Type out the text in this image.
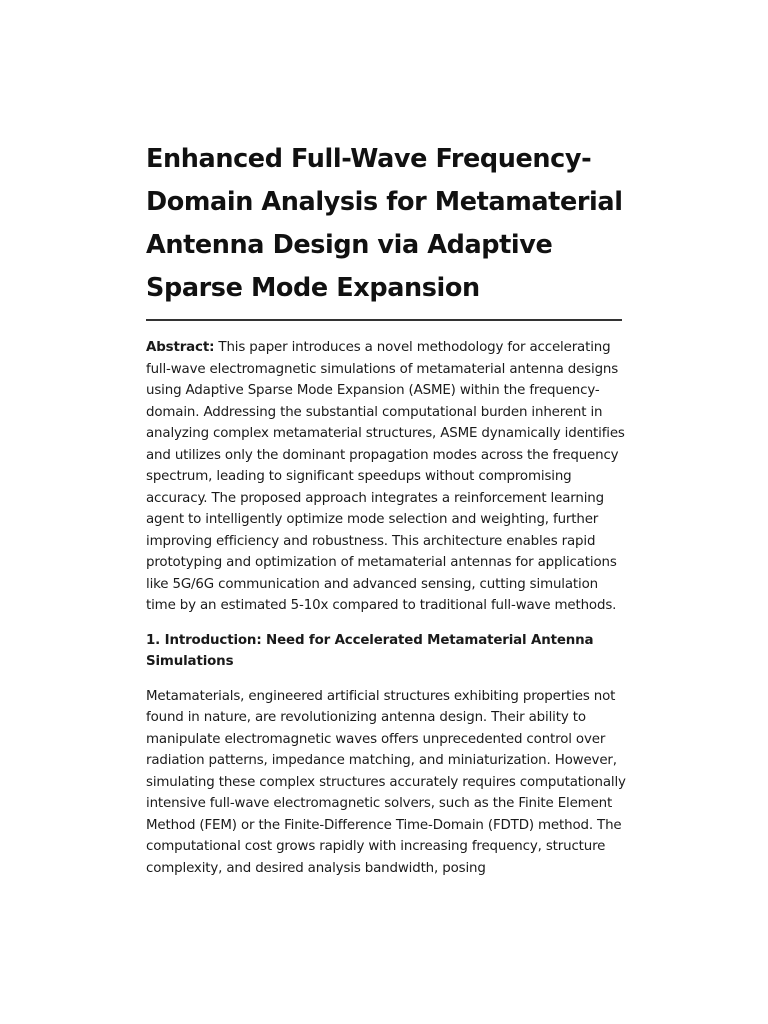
Enhanced Full-Wave Frequency-Domain Analysis for Metamaterial Antenna Design via Adaptive Sparse Mode Expansion

Abstract: This paper introduces a novel methodology for accelerating full-wave electromagnetic simulations of metamaterial antenna designs using Adaptive Sparse Mode Expansion (ASME) within the frequency-domain. Addressing the substantial computational burden inherent in analyzing complex metamaterial structures, ASME dynamically identifies and utilizes only the dominant propagation modes across the frequency spectrum, leading to significant speedups without compromising accuracy. The proposed approach integrates a reinforcement learning agent to intelligently optimize mode selection and weighting, further improving efficiency and robustness. This architecture enables rapid prototyping and optimization of metamaterial antennas for applications like 5G/6G communication and advanced sensing, cutting simulation time by an estimated 5-10x compared to traditional full-wave methods.

1. Introduction: Need for Accelerated Metamaterial Antenna Simulations

Metamaterials, engineered artificial structures exhibiting properties not found in nature, are revolutionizing antenna design. Their ability to manipulate electromagnetic waves offers unprecedented control over radiation patterns, impedance matching, and miniaturization. However, simulating these complex structures accurately requires computationally intensive full-wave electromagnetic solvers, such as the Finite Element Method (FEM) or the Finite-Difference Time-Domain (FDTD) method. The computational cost grows rapidly with increasing frequency, structure complexity, and desired analysis bandwidth, posing
